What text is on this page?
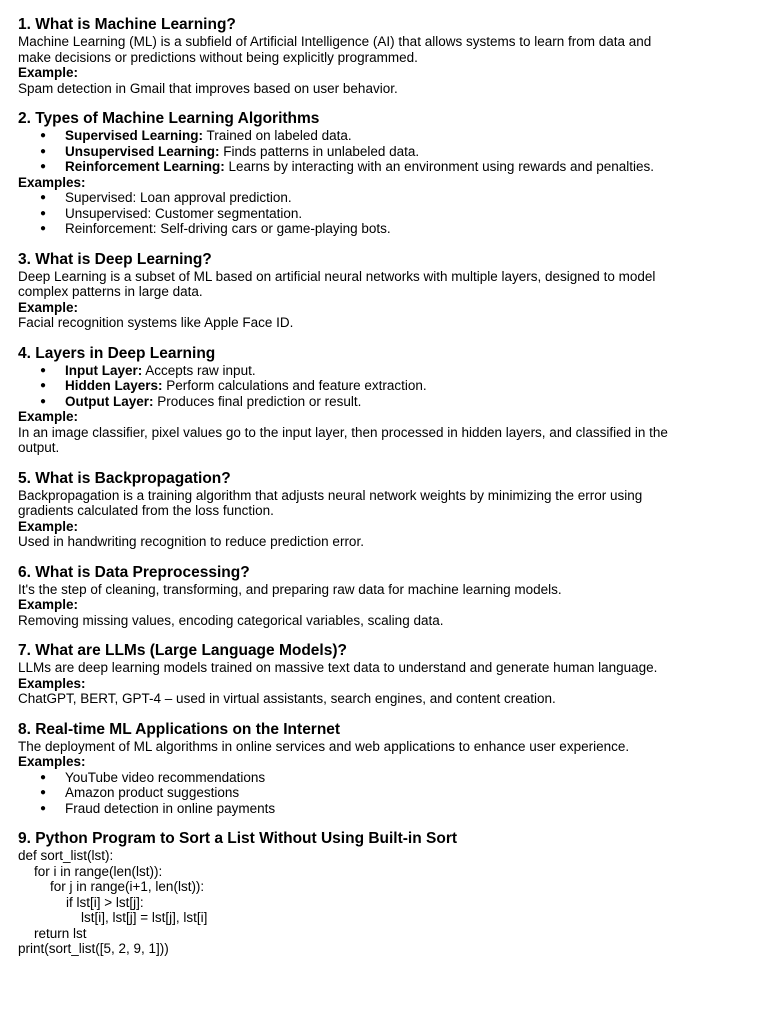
1. What is Machine Learning?
Machine Learning (ML) is a subfield of Artificial Intelligence (AI) that allows systems to learn from data and make decisions or predictions without being explicitly programmed.
Example:
Spam detection in Gmail that improves based on user behavior.
2. Types of Machine Learning Algorithms
● Supervised Learning: Trained on labeled data.
● Unsupervised Learning: Finds patterns in unlabeled data.
● Reinforcement Learning: Learns by interacting with an environment using rewards and penalties.
Examples:
● Supervised: Loan approval prediction.
● Unsupervised: Customer segmentation.
● Reinforcement: Self-driving cars or game-playing bots.
3. What is Deep Learning?
Deep Learning is a subset of ML based on artificial neural networks with multiple layers, designed to model complex patterns in large data.
Example:
Facial recognition systems like Apple Face ID.
4. Layers in Deep Learning
● Input Layer: Accepts raw input.
● Hidden Layers: Perform calculations and feature extraction.
● Output Layer: Produces final prediction or result.
Example:
In an image classifier, pixel values go to the input layer, then processed in hidden layers, and classified in the output.
5. What is Backpropagation?
Backpropagation is a training algorithm that adjusts neural network weights by minimizing the error using gradients calculated from the loss function.
Example:
Used in handwriting recognition to reduce prediction error.
6. What is Data Preprocessing?
It's the step of cleaning, transforming, and preparing raw data for machine learning models.
Example:
Removing missing values, encoding categorical variables, scaling data.
7. What are LLMs (Large Language Models)?
LLMs are deep learning models trained on massive text data to understand and generate human language.
Examples:
ChatGPT, BERT, GPT-4 – used in virtual assistants, search engines, and content creation.
8. Real-time ML Applications on the Internet
The deployment of ML algorithms in online services and web applications to enhance user experience.
Examples:
● YouTube video recommendations
● Amazon product suggestions
● Fraud detection in online payments
9. Python Program to Sort a List Without Using Built-in Sort
def sort_list(lst):
for i in range(len(lst)):
for j in range(i+1, len(lst)):
if lst[i] > lst[j]:
lst[i], lst[j] = lst[j], lst[i]
return lst
print(sort_list([5, 2, 9, 1]))
